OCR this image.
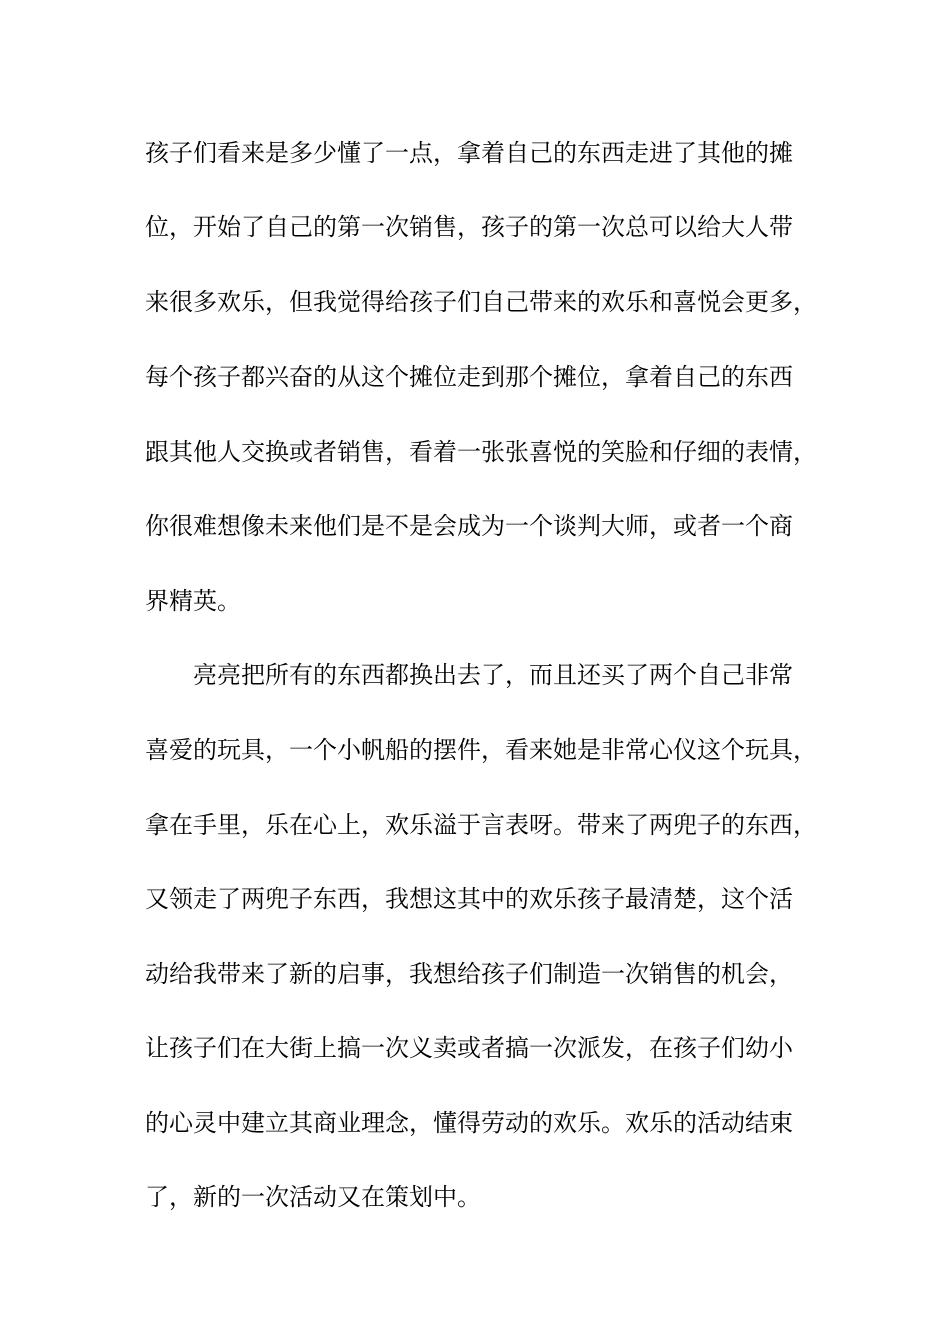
孩子们看来是多少懂了一点，拿着自己的东西走进了其他的摊
位，开始了自己的第一次销售，孩子的第一次总可以给大人带
来很多欢乐，但我觉得给孩子们自己带来的欢乐和喜悦会更多，
每个孩子都兴奋的从这个摊位走到那个摊位，拿着自己的东西
跟其他人交换或者销售，看着一张张喜悦的笑脸和仔细的表情，
你很难想像未来他们是不是会成为一个谈判大师，或者一个商
界精英。
亮亮把所有的东西都换出去了，而且还买了两个自己非常
喜爱的玩具，一个小帆船的摆件，看来她是非常心仪这个玩具，
拿在手里，乐在心上，欢乐溢于言表呀。带来了两兜子的东西，
又领走了两兜子东西，我想这其中的欢乐孩子最清楚，这个活
动给我带来了新的启事，我想给孩子们制造一次销售的机会，
让孩子们在大街上搞一次义卖或者搞一次派发，在孩子们幼小
的心灵中建立其商业理念，懂得劳动的欢乐。欢乐的活动结束
了，新的一次活动又在策划中。
